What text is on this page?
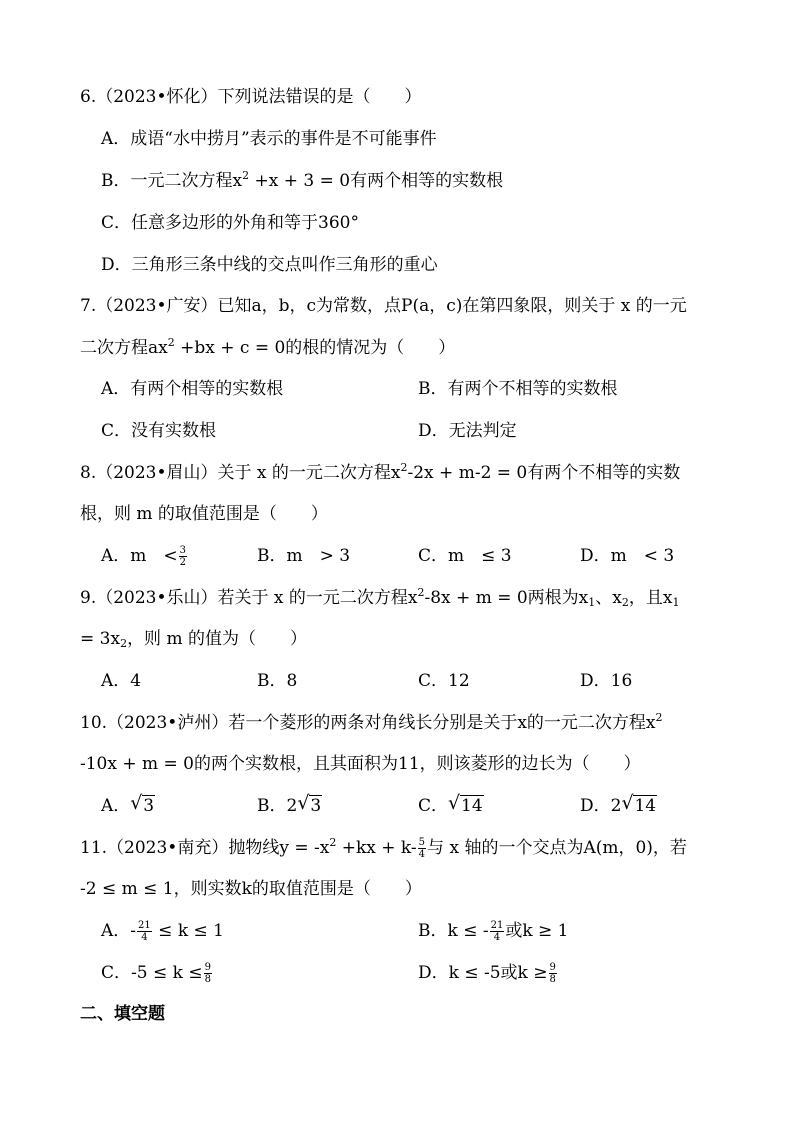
6.（2023•怀化）下列说法错误的是（　　）
A．成语“水中捞月”表示的事件是不可能事件
B．一元二次方程$x^2 +x + 3 = 0$有两个相等的实数根
C．任意多边形的外角和等于360°
D．三角形三条中线的交点叫作三角形的重心
7.（2023•广安）已知a，b，c为常数，点P(a，c)在第四象限，则关于 x 的一元
二次方程$ax^2 +bx + c = 0$的根的情况为（　　）
A．有两个相等的实数根	B．有两个不相等的实数根
C．没有实数根	D．无法判定
8.（2023•眉山）关于 x 的一元二次方程$x^2-2x + m-2 = 0$有两个不相等的实数
根，则 m 的取值范围是（　　）
A．m　< $\frac{3}{2}$	B．m　> 3	C．m　≤ 3	D．m　< 3
9.（2023•乐山）若关于 x 的一元二次方程$x^2-8x + m = 0$两根为$x_1$、$x_2$，且$x_1$
= $3x_2$，则 m 的值为（　　）
A．4	B．8	C．12	D．16
10.（2023•泸州）若一个菱形的两条对角线长分别是关于x的一元二次方程$x^2$
-10x + m = 0的两个实数根，且其面积为11，则该菱形的边长为（　　）
A． √ 3	B．2 √ 3	C． √ 14	D．2 √ 14
11.（2023•南充）抛物线$y = -x^2 +kx + k- \frac{5}{4}$ 与 x 轴的一个交点为A(m，0)，若
-2 ≤ m ≤ 1，则实数k的取值范围是（　　）
A．- $\frac{21}{4} \le k \le 1$	B．k ≤ - $\frac{21}{4}$ 或k ≥ 1
C．$-5 \le k \le \frac{9}{8}$	D．k ≤ -5或$k \ge \frac{9}{8}$
二、填空题
